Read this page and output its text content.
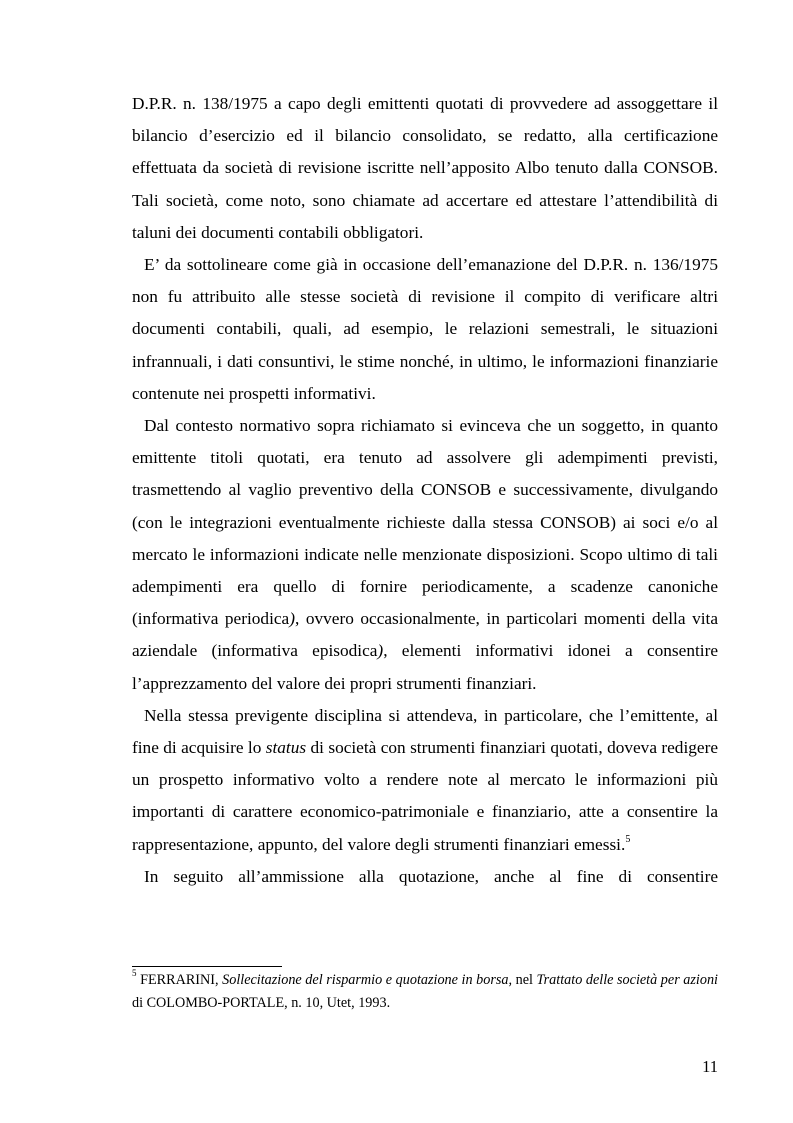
D.P.R. n. 138/1975 a capo degli emittenti quotati di provvedere ad assoggettare il bilancio d’esercizio ed il bilancio consolidato, se redatto, alla certificazione effettuata da società di revisione iscritte nell’apposito Albo tenuto dalla CONSOB. Tali società, come noto, sono chiamate ad accertare ed attestare l’attendibilità di taluni dei documenti contabili obbligatori.

E’ da sottolineare come già in occasione dell’emanazione del D.P.R. n. 136/1975 non fu attribuito alle stesse società di revisione il compito di verificare altri documenti contabili, quali, ad esempio, le relazioni semestrali, le situazioni infrannuali, i dati consuntivi, le stime nonché, in ultimo, le informazioni finanziarie contenute nei prospetti informativi.

Dal contesto normativo sopra richiamato si evinceva che un soggetto, in quanto emittente titoli quotati, era tenuto ad assolvere gli adempimenti previsti, trasmettendo al vaglio preventivo della CONSOB e successivamente, divulgando (con le integrazioni eventualmente richieste dalla stessa CONSOB) ai soci e/o al mercato le informazioni indicate nelle menzionate disposizioni. Scopo ultimo di tali adempimenti era quello di fornire periodicamente, a scadenze canoniche (informativa periodica), ovvero occasionalmente, in particolari momenti della vita aziendale (informativa episodica), elementi informativi idonei a consentire l’apprezzamento del valore dei propri strumenti finanziari.

Nella stessa previgente disciplina si attendeva, in particolare, che l’emittente, al fine di acquisire lo status di società con strumenti finanziari quotati, doveva redigere un prospetto informativo volto a rendere note al mercato le informazioni più importanti di carattere economico-patrimoniale e finanziario, atte a consentire la rappresentazione, appunto, del valore degli strumenti finanziari emessi.$^5$

In seguito all’ammissione alla quotazione, anche al fine di consentire

$^5$ FERRARINI, Sollecitazione del risparmio e quotazione in borsa, nel Trattato delle società per azioni di COLOMBO-PORTALE, n. 10, Utet, 1993.
11
